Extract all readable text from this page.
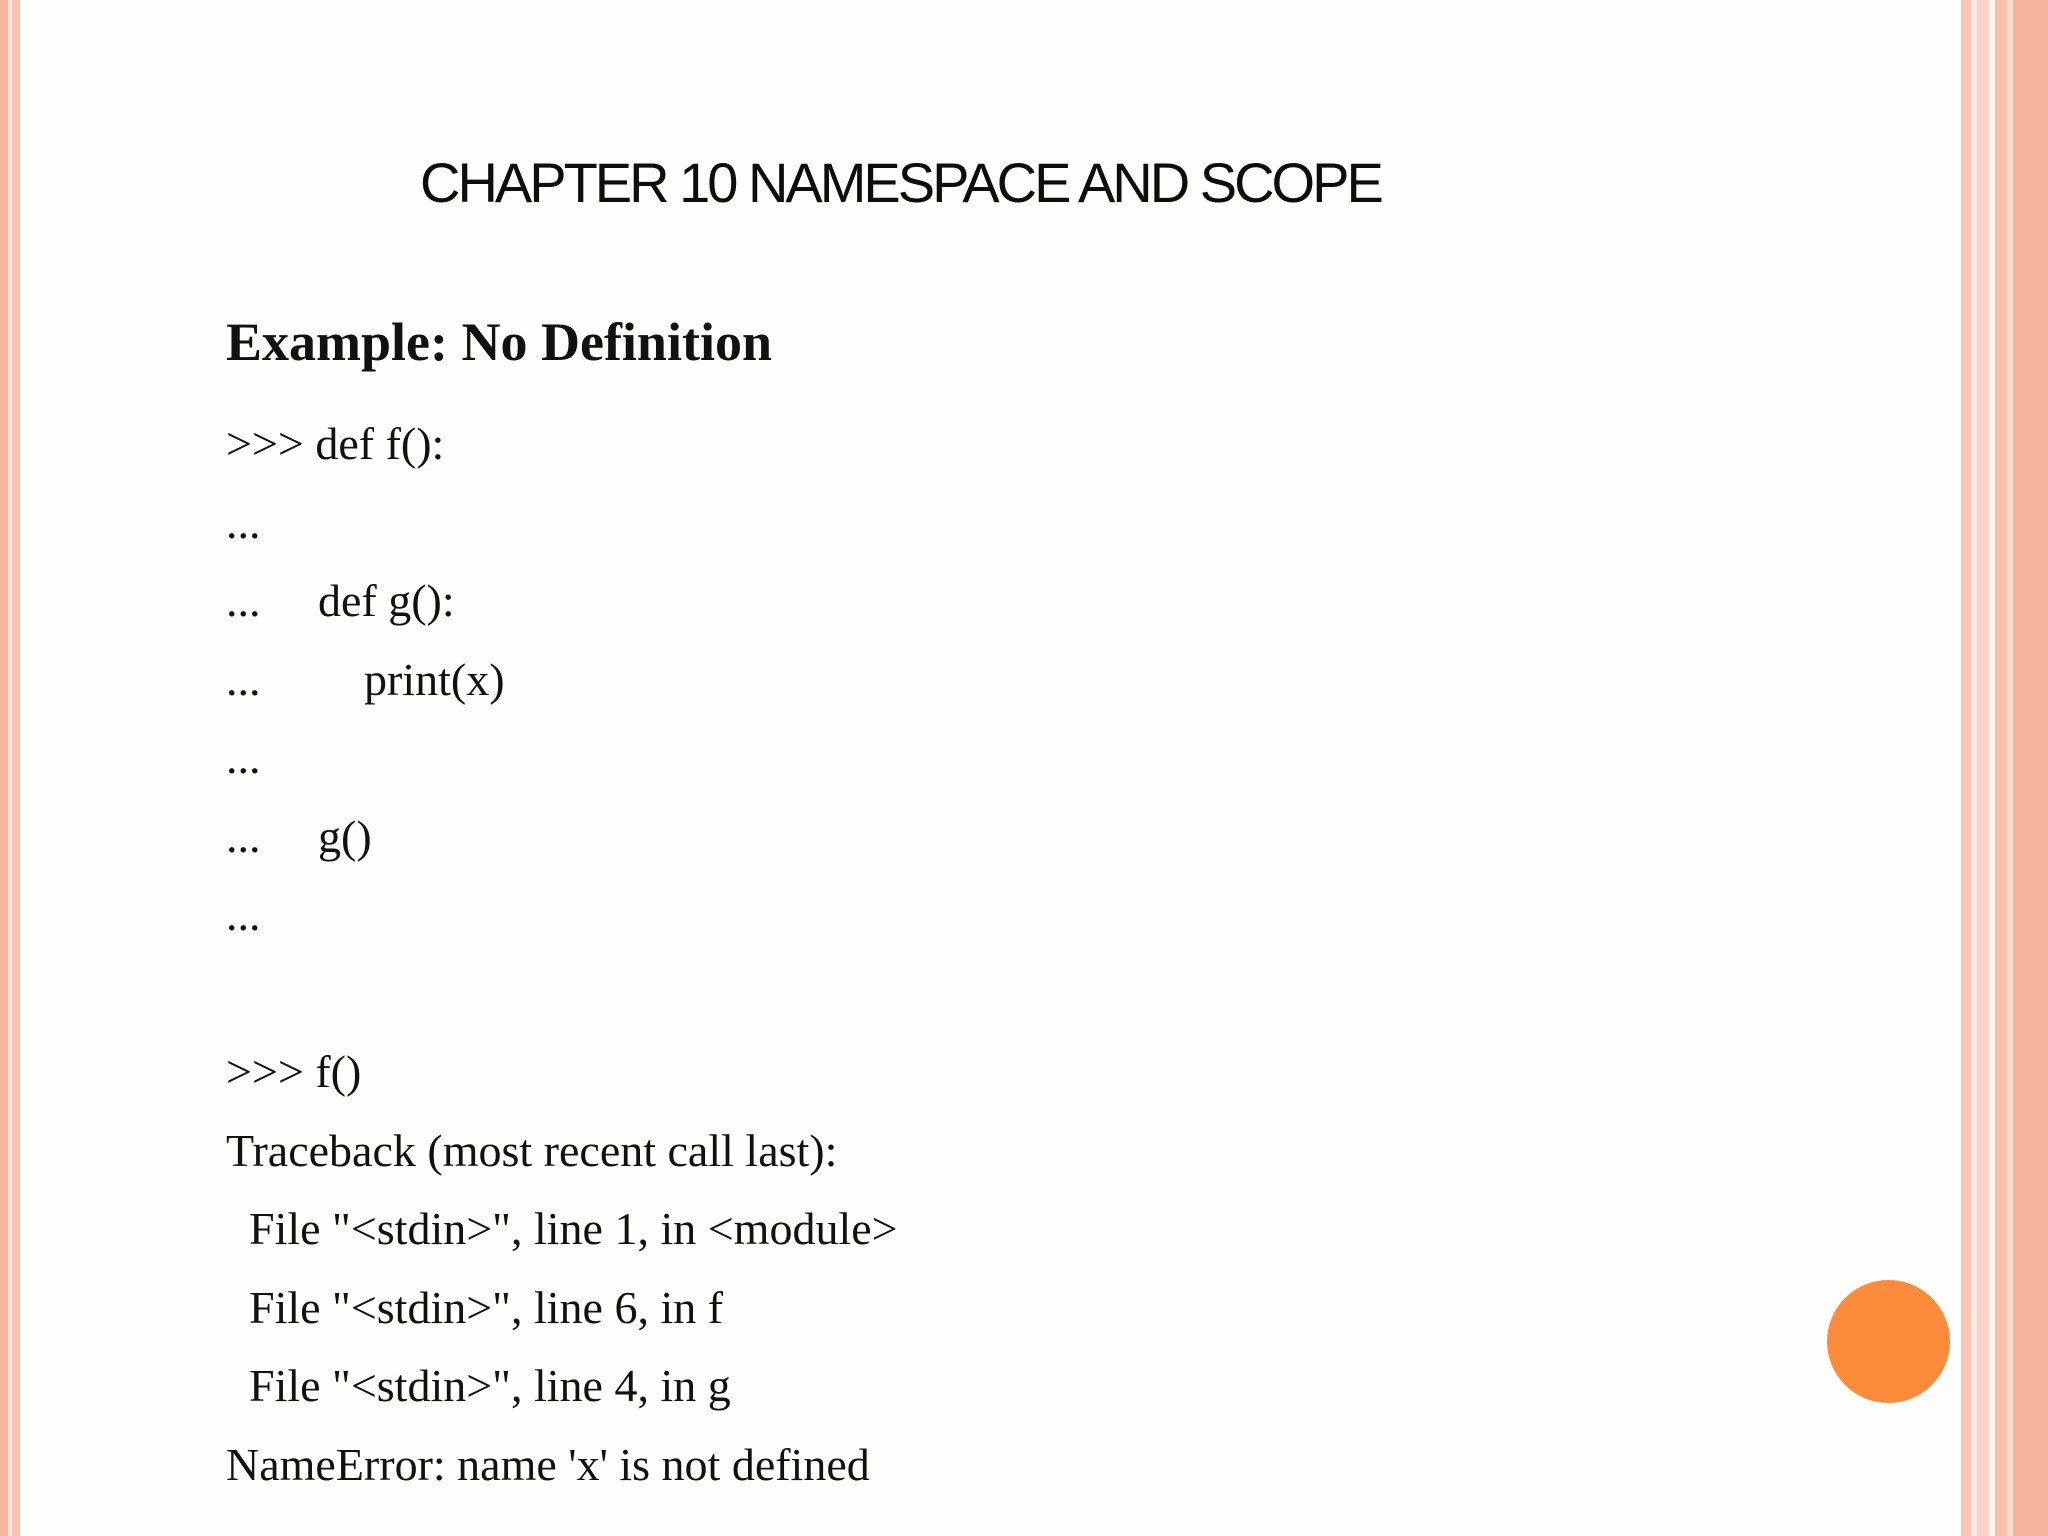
CHAPTER 10 NAMESPACE AND SCOPE
Example: No Definition
>>> def f():
...
...     def g():
...         print(x)
...
...     g()
...
>>> f()
Traceback (most recent call last):
File "<stdin>", line 1, in <module>
File "<stdin>", line 6, in f
File "<stdin>", line 4, in g
NameError: name 'x' is not defined
